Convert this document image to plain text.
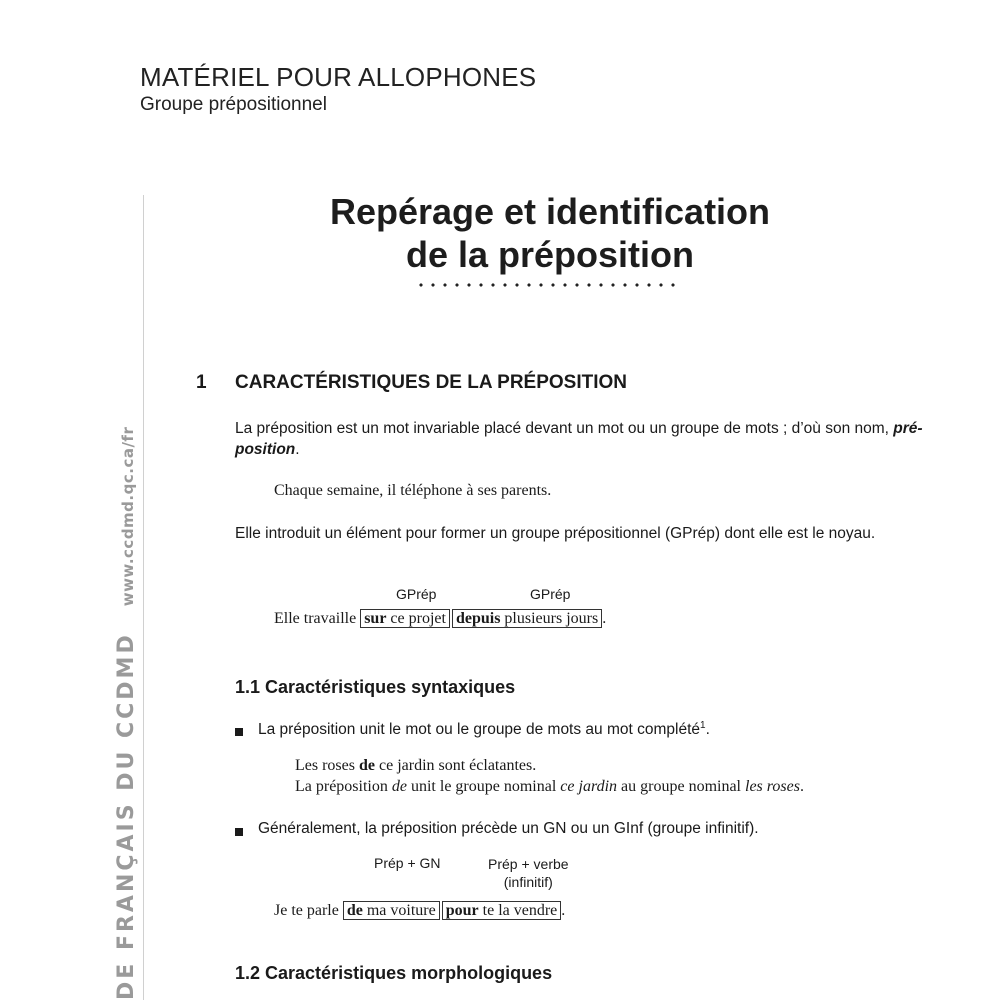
MATÉRIEL POUR ALLOPHONES
Groupe prépositionnel
DE FRANÇAIS DU CCDMDwww.ccdmd.qc.ca/fr
Repérage et identification
de la préposition
1 CARACTÉRISTIQUES DE LA PRÉPOSITION
La préposition est un mot invariable placé devant un mot ou un groupe de mots ; d’où son nom, pré-position.
Chaque semaine, il téléphone à ses parents.
Elle introduit un élément pour former un groupe prépositionnel (GPrép) dont elle est le noyau.
GPrép	GPrép
Elle travaille sur ce projet depuis plusieurs jours .
1.1 Caractéristiques syntaxiques
La préposition unit le mot ou le groupe de mots au mot complété$^1$.
Les roses de ce jardin sont éclatantes.
La préposition de unit le groupe nominal ce jardin au groupe nominal les roses.
Généralement, la préposition précède un GN ou un GInf (groupe infinitif).
Prép + GN	Prép + verbe
(infinitif)
Je te parle de ma voiture pour te la vendre .
1.2 Caractéristiques morphologiques
